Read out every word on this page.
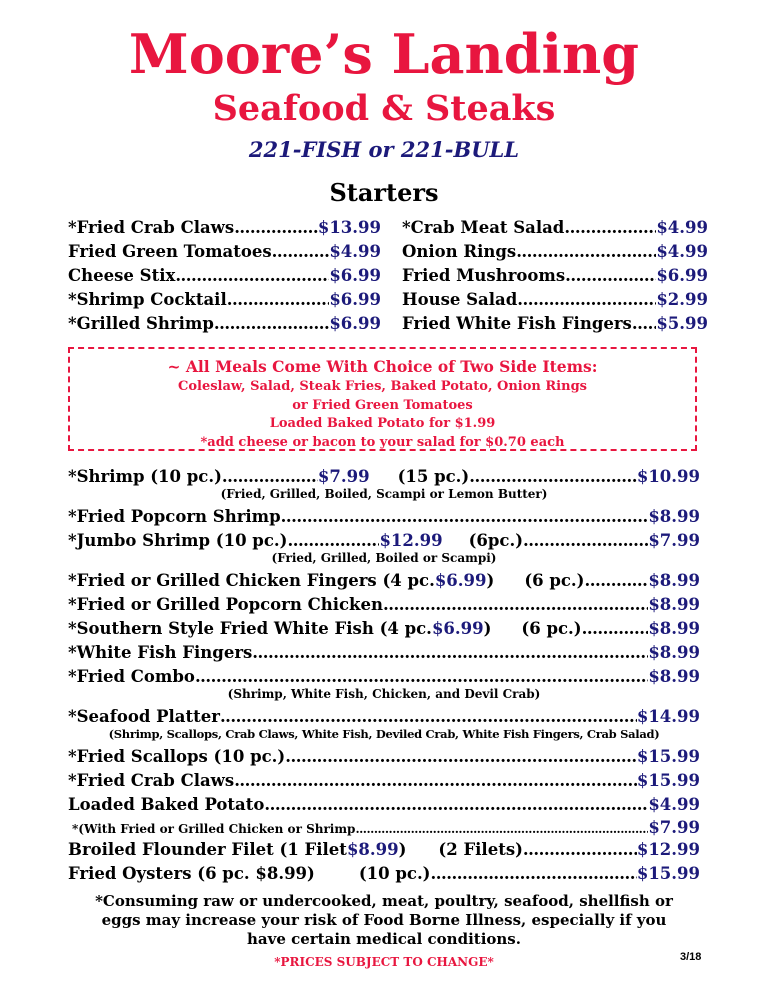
Moore’s Landing
Seafood & Steaks
221-FISH or 221-BULL
Starters
*Fried Crab Claws .....	$13.99
Fried Green Tomatoes .....	$4.99
Cheese Stix .....	$6.99
*Shrimp Cocktail .....	$6.99
*Grilled Shrimp .....	$6.99
*Crab Meat Salad .....	$4.99
Onion Rings .....	$4.99
Fried Mushrooms .....	$6.99
House Salad .....	$2.99
Fried White Fish Fingers ..... $5.99
~ All Meals Come With Choice of Two Side Items:
Coleslaw, Salad, Steak Fries, Baked Potato, Onion Rings
or Fried Green Tomatoes
Loaded Baked Potato for $1.99
*add cheese or bacon to your salad for $0.70 each
*Shrimp (10 pc.) .....	$7.99 (15 pc.) .....	$10.99
(Fried, Grilled, Boiled, Scampi or Lemon Butter)
*Fried Popcorn Shrimp .....	$8.99
*Jumbo Shrimp (10 pc.) .....	$12.99 (6pc.) .....	$7.99
(Fried, Grilled, Boiled or Scampi)
*Fried or Grilled Chicken Fingers (4 pc. $6.99 ) (6 pc.) .....	$8.99
*Fried or Grilled Popcorn Chicken .....	$8.99
*Southern Style Fried White Fish (4 pc. $6.99 ) (6 pc.) .....	$8.99
*White Fish Fingers .....	$8.99
*Fried Combo .....	$8.99
(Shrimp, White Fish, Chicken, and Devil Crab)
*Seafood Platter .....	$14.99
(Shrimp, Scallops, Crab Claws, White Fish, Deviled Crab, White Fish Fingers, Crab Salad)
*Fried Scallops (10 pc.) .....	$15.99
*Fried Crab Claws .....	$15.99
Loaded Baked Potato .....	$4.99
*(With Fried or Grilled Chicken or Shrimp .....	$7.99
Broiled Flounder Filet (1 Filet $8.99 ) (2 Filets) .....	$12.99
Fried Oysters (6 pc. $8.99)	(10 pc.) .....	$15.99
*Consuming raw or undercooked, meat, poultry, seafood, shellfish or
eggs may increase your risk of Food Borne Illness, especially if you
have certain medical conditions.
*PRICES SUBJECT TO CHANGE*	3/18
